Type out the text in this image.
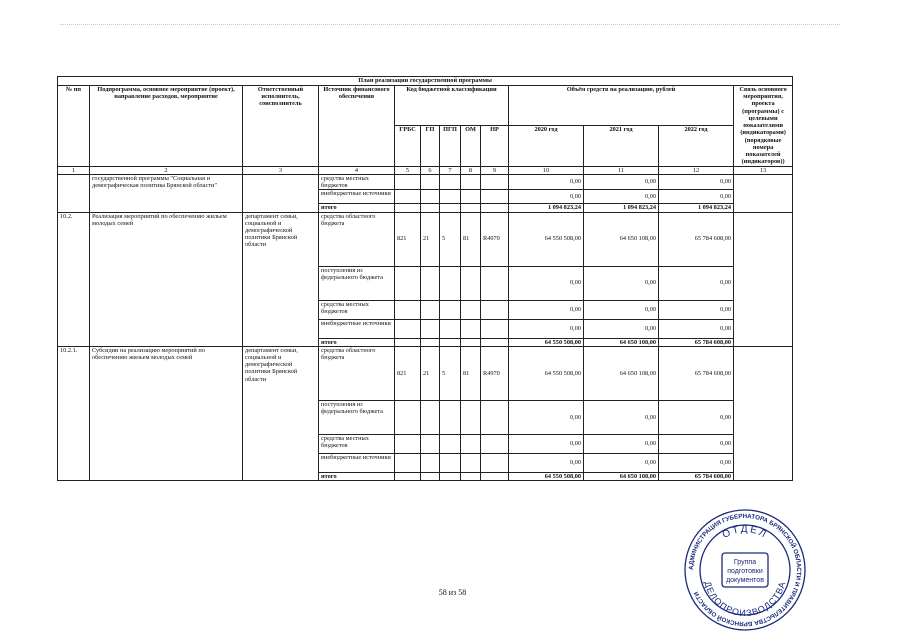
План реализации государственной программы												
№ пп	Подпрограмма, основное мероприятие (проект), направление расходов, мероприятие	Ответственный исполнитель, соисполнитель	Источник финансового обеспечения	Код бюджетной классификации					Объём средств на реализацию, рублей			Связь основного мероприятия, проекта (программы) с целевыми показателями (индикаторами) (порядковые номера показателей (индикаторов))
				ГРБС	ГП	ПГП	ОМ	НР	2020 год	2021 год	2022 год	
1	2	3	4	5	6	7	8	9	10	11	12	13
	государственной программы "Социальная и демографическая политика Брянской области"		средства местных бюджетов						0,00	0,00	0,00	
			внебюджетные источники						0,00	0,00	0,00	
			итого						1 094 823,24	1 094 823,24	1 094 823,24	
10.2.	Реализация мероприятий по обеспечению жильем молодых семей	департамент семьи, социальной и демографической политики Брянской области	средства областного бюджета	821	21	5	81	R4970	64 550 508,00	64 650 108,00	65 784 608,00	
			поступления из федерального бюджета						0,00	0,00	0,00	
			средства местных бюджетов						0,00	0,00	0,00	
			внебюджетные источники						0,00	0,00	0,00	
			итого						64 550 508,00	64 650 108,00	65 784 608,00	
10.2.1.	Субсидии на реализацию мероприятий по обеспечению жильем молодых семей	департамент семьи, социальной и демографической политики Брянской области	средства областного бюджета	821	21	5	81	R4970	64 550 508,00	64 650 108,00	65 784 608,00	
			поступления из федерального бюджета						0,00	0,00	0,00	
			средства местных бюджетов						0,00	0,00	0,00	
			внебюджетные источники						0,00	0,00	0,00	
			итого						64 550 508,00	64 650 108,00	65 784 608,00	
58 из 58
АДМИНИСТРАЦИЯ ГУБЕРНАТОРА БРЯНСКОЙ ОБЛАСТИ И ПРАВИТЕЛЬСТВА БРЯНСКОЙ ОБЛАСТИ
ОТДЕЛ
ДЕЛОПРОИЗВОДСТВА
Группа
подготовки
документов
